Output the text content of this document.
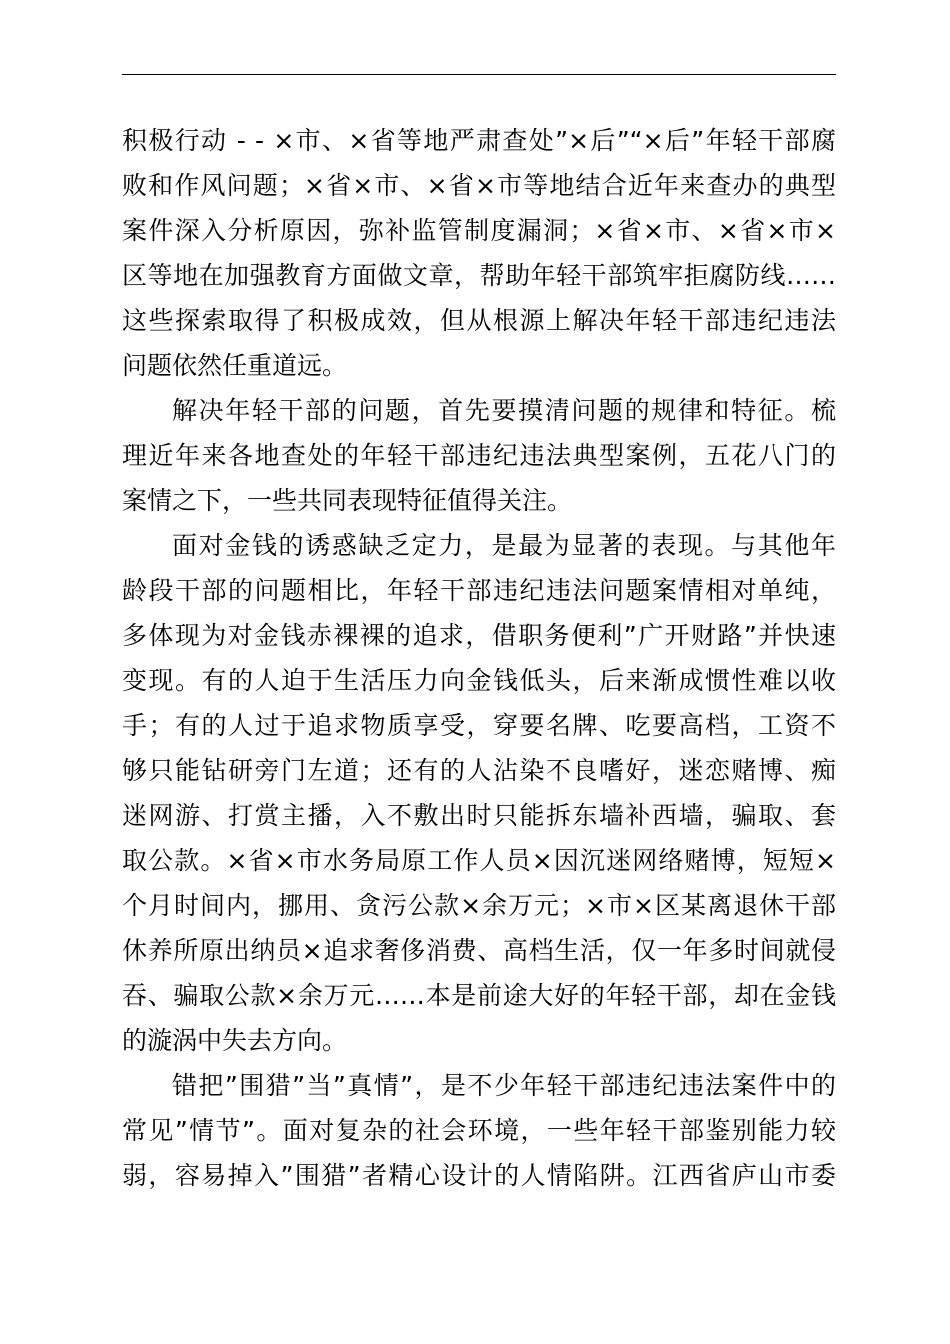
积极行动 - - ×市、×省等地严肃查处”×后”“×后”年轻干部腐
败和作风问题；×省×市、×省×市等地结合近年来查办的典型
案件深入分析原因，弥补监管制度漏洞；×省×市、×省×市×
区等地在加强教育方面做文章，帮助年轻干部筑牢拒腐防线……
这些探索取得了积极成效，但从根源上解决年轻干部违纪违法
问题依然任重道远。
解决年轻干部的问题，首先要摸清问题的规律和特征。梳
理近年来各地查处的年轻干部违纪违法典型案例，五花八门的
案情之下，一些共同表现特征值得关注。
面对金钱的诱惑缺乏定力，是最为显著的表现。与其他年
龄段干部的问题相比，年轻干部违纪违法问题案情相对单纯，
多体现为对金钱赤裸裸的追求，借职务便利”广开财路”并快速
变现。有的人迫于生活压力向金钱低头，后来渐成惯性难以收
手；有的人过于追求物质享受，穿要名牌、吃要高档，工资不
够只能钻研旁门左道；还有的人沾染不良嗜好，迷恋赌博、痴
迷网游、打赏主播，入不敷出时只能拆东墙补西墙，骗取、套
取公款。×省×市水务局原工作人员×因沉迷网络赌博，短短×
个月时间内，挪用、贪污公款×余万元；×市×区某离退休干部
休养所原出纳员×追求奢侈消费、高档生活，仅一年多时间就侵
吞、骗取公款×余万元……本是前途大好的年轻干部，却在金钱
的漩涡中失去方向。
错把”围猎”当”真情”，是不少年轻干部违纪违法案件中的
常见”情节”。面对复杂的社会环境，一些年轻干部鉴别能力较
弱，容易掉入”围猎”者精心设计的人情陷阱。江西省庐山市委
